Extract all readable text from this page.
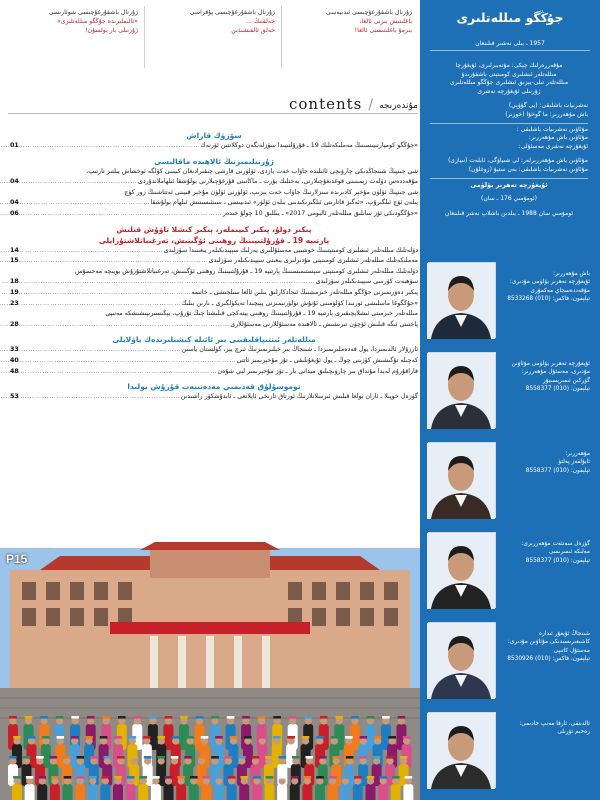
ژۇرنال باشقۇرغۇچىسى ئىدىيەسى
باغلىنىش بىزنى ئالغا،
بىزمۇ باغلىنىشنى ئالغا!
ژۇرنال باشقۇرغۇچىسى پۇقراسى
خەلقنىڭ ...
خەلق ئالقىشىدىن
ژۇرنال باشقۇرغۇچىسى شوئارىسى
«ئالىملىرىدە جۇڭگو مىللەتلىرى»
ژۇرنىلى بار بولسۇن!
contents / مۇندەرىجە
سۆزۈك قاراش
«جۇڭگو كومپارتىيىسىنىڭ مەملىكەتلىك 19 ـ قۇرۇلتىيىدا سۆزلەنگەن دوكلاتتىن ئۆرنەك
……………………………………………………………………………………………………………………
01
ژۇرنىلىمىزنىڭ ئالاھىدە ماقالىسى
شى جىنپىڭ شىنجاڭدىكى چارۋىچى ئائىلىدە جاۋاب خەت يازدى، ئۆلۈرنى قارشى چىقىرادىغان كىيىنى كۆلگە ئوخشاش يىلتىز تارتىپ،
مۇقەددەس دۆلەت زېمىنىنى قوغدىغۇچىلارنى، بەختلىك يۇرت ـ ماكانىنى قۇرغۇچىلارنى بولۇشقا ئىلھاملاندۇردى
……………………………………………………………………………………………………………………
04
شى جىنپىڭ ئۆلۈن مۇخېر كادىرىدە سىزلارنىڭ جاۋاب خەت يېزىپ، ئۆلۈرنى ئۆلۈن مۇخېر قىيىنى ئەتتاشنىڭ زور كۆچ
بىلەن ئۆچ ئىلگىرۇپ، «ئەگىز قاتارىنى ئىلگىرىكىدىنى بىلەن ئۆلۈر» ئىدىيىسى ـ سىنئىسىنىش ئىلھام بولۇشقا
……………………………………………………………………………………………………………………
04
«جۇڭگودىكى ئۆز سانلىق مىللەتلەر ئالبومى 2017» ـ يىللىق 10 چولۇ خىدەر
……………………………………………………………………………………………………………………
06
پىكىر دولۇ، پىكىر كىيىملەر، پىكىر كىشلا تاۋۇش قىلىش
پارتىيە 19 ـ قۇرۇلتىيىنىڭ روھىنى ئۆگىنىش، تەرغىباتلاشتۇرايلى
دۆلەتلىك مىللەتلەر ئىشلىرى كومىتېتىنىڭ خوشىيى مەسئۇللىرى يەرلىك سېپىدىكىلەر يىغىنىدا سۆزلىدى
……………………………………………………………………………………………………………………
14
مەملىكەتلىك مىللەتلەر ئىشلىرى كومىتېتى مۇدىرلىرى يىغىنى سېپىدىكىلەر سۆزلىدى
……………………………………………………………………………………………………………………
15
دۆلەتلىك مىللەتلەر ئىشلىرى كومىتېتى سېستىمىسىنىڭ پارتىيە 19 ـ قۇرۇلتىيىنىڭ روھىنى ئۆگىنىش، تەرغىباتلاشتۇرۇش بويىچە مەخسۇس
سۆھبەت كۈرسى سېپىدىكىلەر سۆزلىدى
……………………………………………………………………………………………………………………
18
پىكىر دەۋرىمىزنى جۇڭگو مىللەتلەر خىزمىتىنىڭ ئىجادكارلىق يىلىن ئالغا سىلجىشى ـ خاتىمە
……………………………………………………………………………………………………………………
19
«جۇڭگوغا ماسلىشى ئورنىدا كۆلۈمىنى ئۇنۇش تۈلۈرنىمىزنى پېيچىدا تەيكۈلگىرى ـ نارىن بىلىك
……………………………………………………………………………………………………………………
23
مىللەتلەر خىزمىتى ئىشلاپچىقىرى پارتىيە 19 ـ قۇرۇلتىيىنىڭ روھىنى يېتەكچى قىلىشتا چىڭ تۇرۇپ، يېڭىسىرىپىشىشكە مەنىپى
پاختىنى ئىگە قىلىش ئۆچۈن تىرىشىش ـ ئالاھىدە مەسئۇللارنى مەسئۇللارى
……………………………………………………………………………………………………………………
28
مىللەتلەر ئىتتىپاقلىقىنى بىر ئائىلە كىشىلىرىدەك ياۋلايلى
ئارزۇلار ئالدىمىزدا، يول قەدەملىرىمىزدا ـ شىنجاڭ بىر خېلىرىمىزنىڭ ئىرچ يېز، گۈلستان ياسىن
……………………………………………………………………………………………………………………
33
كەچىلە تۇگىشىش كۆزىنى چوڭ ـ يول ئۇيغۇنلىقى ـ تۇز مۇخېرىمىز ئاتتى
……………………………………………………………………………………………………………………
40
قاراقۇرۇم لەيدا مۇنداق بىر چارۋىچىلىق ميدانى بار ـ تۆز مۇخېرىمىز لېي شۇەن
……………………………………………………………………………………………………………………
48
توموسۇلۇق قەدىمىي مەدەنىيەت قۇرۇش يولىدا
گۈزەل خوپىلا ـ ئاران بولغا قىلىش ئىرسلانلارنىڭ ئورتاق تارىخى ئاپلانغى ـ ئابدۇشكۈر راشىدىن
……………………………………………………………………………………………………………………
53
P15
جۇڭگو مىللەتلىرى
1957 ـ يىلى نەشىر قىلىنغان
مۇقەررەرلىك چېكى: مۇتەبىرلىرى، ئۇيغۇرچا
مىللەتلەر ئىشلىرى كومىتېتى باشقۇرىدۇ
مىللەتلەر تىلى-يېزىق ئىشلىرى جۇڭگو مىللەتلىرى
ژۇرنىلى ئۇيغۇرچە نەشرى
نەشرىيات باشلىقى: (يى گۇۋېي)
باش مۇھەررىر: ما گوخۇا (خوزىر)
مۇئاۋىن نەشرىيات باشلىقى :
مۇئاۋىن باش مۇھەررىر:
ئۇيغۇرچە نەشرى مەسئۇلى:
مۇئاۋىن باش مۇھەررىرلەر: لى شىياۋگى، ئابلەت (نىيازى)
مۇئاۋىن نەشرىيات باشلىقى: بەن ستيۇ (زوغلۇن)
ئۇيغۇرچە تەھرىر بۆلۈمى
(ئومۇمىي 176 ـ سان)
ئومۇمىي سان 1988 ـ يىلدىن باشلاپ نەشر قىلىنغان
باش مۇھەررىر:
ئۇيغۇرچە تەھرىر بۆلۈمى مۇدىرى:
مۇقەددەسجاي مەكمۇرى
تېلېفون، فاكس: (010) 8533268
ئۇيغۇرچە تەھرىر بۆلۈمى مۇئاۋىن
مۇدىرى، مەسئۇل مۇھەررىر:
گۈركىن ئىمىرېسىيۇر
تېلېفون: (010) 8558377
مۇھەررىر:
ئابۇلقەز پەلتۈ
تېلېفون: (010) 8558377
گۈزەل سەنئەت مۇھەررىرى:
مەلىكە ئىمىرىسى
تېلېفون: (010) 8558377
شىنجاڭ ئۇيغۇر ئىدارە
كاشىغىرىسىدىكى مۇئاۋىن مۇدىرى:
مەسئۇل كاتىپى
تېلېفون، فاكس: (010) 8530926
ئالدىنقى، ئارقا مەنپ خادىمى:
رەخىم تۆرىلى
